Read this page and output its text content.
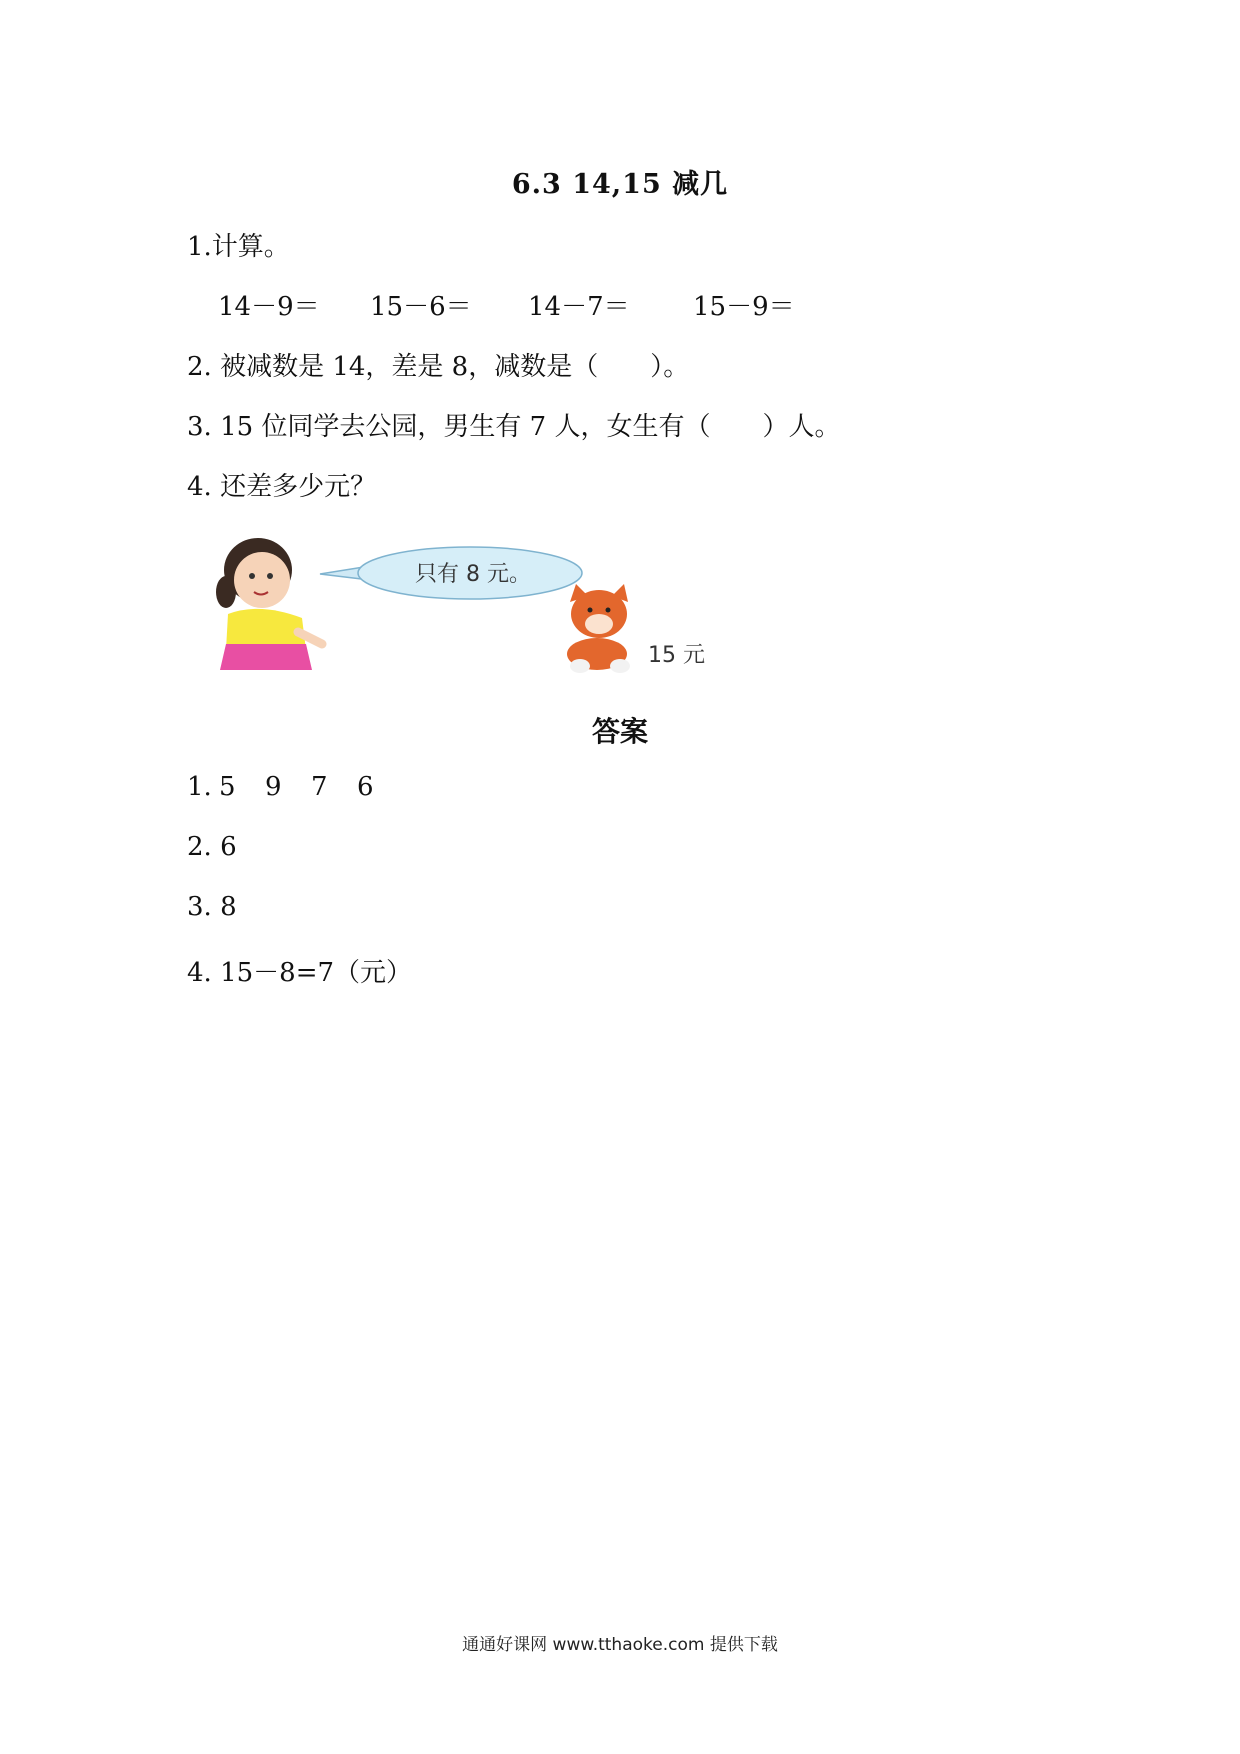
6.3 14,15 减几
1.计算。
14－9＝ 15－6＝ 14－7＝ 15－9＝
2. 被减数是 14，差是 8，减数是（　　）。
3. 15 位同学去公园，男生有 7 人，女生有（　　）人。
4. 还差多少元？
只有 8 元。
15 元
答案
1. 5 9 7 6
2. 6
3. 8
4. 15－8=7（元）
通通好课网 www.tthaoke.com 提供下载
